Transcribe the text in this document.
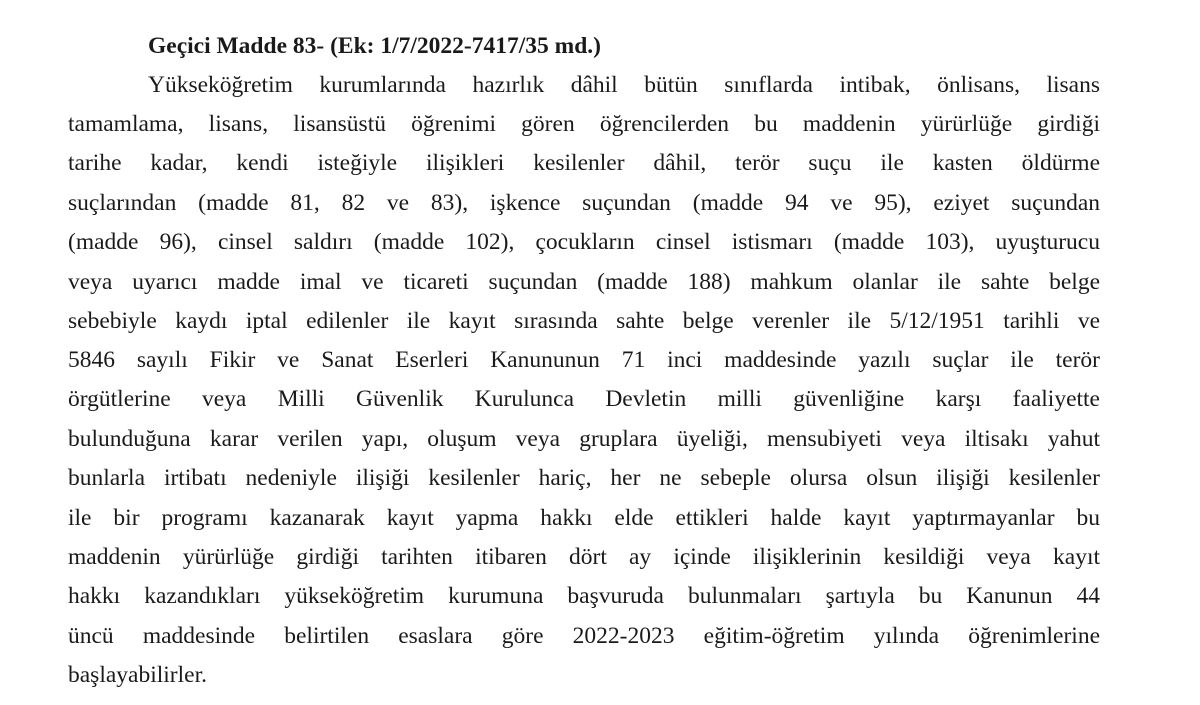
Geçici Madde 83- (Ek: 1/7/2022-7417/35 md.)
Yükseköğretim kurumlarında hazırlık dâhil bütün sınıflarda intibak, önlisans, lisans
tamamlama, lisans, lisansüstü öğrenimi gören öğrencilerden bu maddenin yürürlüğe girdiği
tarihe kadar, kendi isteğiyle ilişikleri kesilenler dâhil, terör suçu ile kasten öldürme
suçlarından (madde 81, 82 ve 83), işkence suçundan (madde 94 ve 95), eziyet suçundan
(madde 96), cinsel saldırı (madde 102), çocukların cinsel istismarı (madde 103), uyuşturucu
veya uyarıcı madde imal ve ticareti suçundan (madde 188) mahkum olanlar ile sahte belge
sebebiyle kaydı iptal edilenler ile kayıt sırasında sahte belge verenler ile 5/12/1951 tarihli ve
5846 sayılı Fikir ve Sanat Eserleri Kanununun 71 inci maddesinde yazılı suçlar ile terör
örgütlerine veya Milli Güvenlik Kurulunca Devletin milli güvenliğine karşı faaliyette
bulunduğuna karar verilen yapı, oluşum veya gruplara üyeliği, mensubiyeti veya iltisakı yahut
bunlarla irtibatı nedeniyle ilişiği kesilenler hariç, her ne sebeple olursa olsun ilişiği kesilenler
ile bir programı kazanarak kayıt yapma hakkı elde ettikleri halde kayıt yaptırmayanlar bu
maddenin yürürlüğe girdiği tarihten itibaren dört ay içinde ilişiklerinin kesildiği veya kayıt
hakkı kazandıkları yükseköğretim kurumuna başvuruda bulunmaları şartıyla bu Kanunun 44
üncü maddesinde belirtilen esaslara göre 2022-2023 eğitim-öğretim yılında öğrenimlerine
başlayabilirler.
